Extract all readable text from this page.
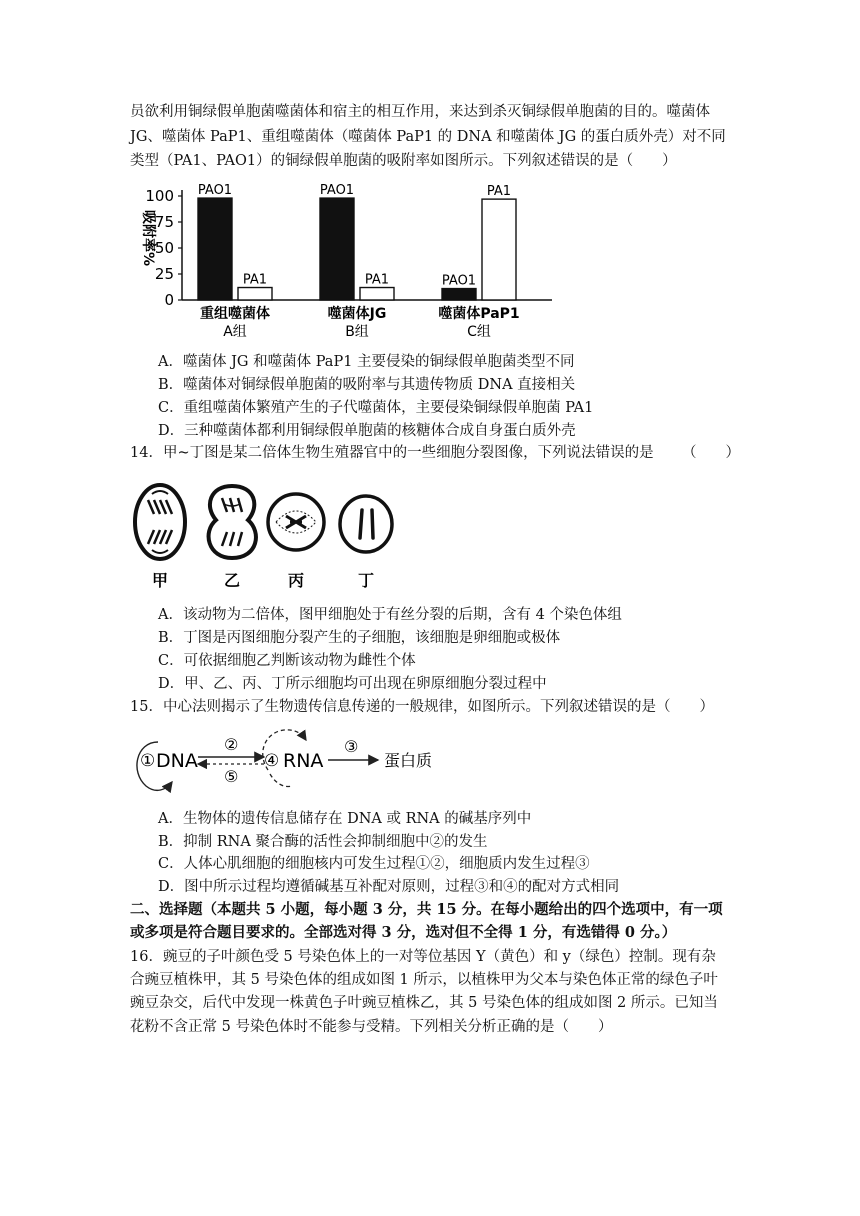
员欲利用铜绿假单胞菌噬菌体和宿主的相互作用，来达到杀灭铜绿假单胞菌的目的。噬菌体
JG、噬菌体 PaP1、重组噬菌体（噬菌体 PaP1 的 DNA 和噬菌体 JG 的蛋白质外壳）对不同
类型（PA1、PAO1）的铜绿假单胞菌的吸附率如图所示。下列叙述错误的是（　　）
0
25
50
75
100
吸附率%
PAO1
PA1
重组噬菌体
A组
PAO1
PA1
噬菌体JG
B组
PAO1
PA1
噬菌体PaP1
C组
A．噬菌体 JG 和噬菌体 PaP1 主要侵染的铜绿假单胞菌类型不同
B．噬菌体对铜绿假单胞菌的吸附率与其遗传物质 DNA 直接相关
C．重组噬菌体繁殖产生的子代噬菌体，主要侵染铜绿假单胞菌 PA1
D．三种噬菌体都利用铜绿假单胞菌的核糖体合成自身蛋白质外壳
14．甲~丁图是某二倍体生物生殖器官中的一些细胞分裂图像，下列说法错误的是 （　　）
甲	乙	丙	丁
A．该动物为二倍体，图甲细胞处于有丝分裂的后期，含有 4 个染色体组
B．丁图是丙图细胞分裂产生的子细胞，该细胞是卵细胞或极体
C．可依据细胞乙判断该动物为雌性个体
D．甲、乙、丙、丁所示细胞均可出现在卵原细胞分裂过程中
15．中心法则揭示了生物遗传信息传递的一般规律，如图所示。下列叙述错误的是（　　）
① DNA
②
⑤
④ RNA
③
蛋白质
A．生物体的遗传信息储存在 DNA 或 RNA 的碱基序列中
B．抑制 RNA 聚合酶的活性会抑制细胞中②的发生
C．人体心肌细胞的细胞核内可发生过程①②，细胞质内发生过程③
D．图中所示过程均遵循碱基互补配对原则，过程③和④的配对方式相同
二、选择题（本题共 5 小题，每小题 3 分，共 15 分。在每小题给出的四个选项中，有一项
或多项是符合题目要求的。全部选对得 3 分，选对但不全得 1 分，有选错得 0 分。）
16．豌豆的子叶颜色受 5 号染色体上的一对等位基因 Y（黄色）和 y（绿色）控制。现有杂
合豌豆植株甲，其 5 号染色体的组成如图 1 所示，以植株甲为父本与染色体正常的绿色子叶
豌豆杂交，后代中发现一株黄色子叶豌豆植株乙，其 5 号染色体的组成如图 2 所示。已知当
花粉不含正常 5 号染色体时不能参与受精。下列相关分析正确的是（　　）
